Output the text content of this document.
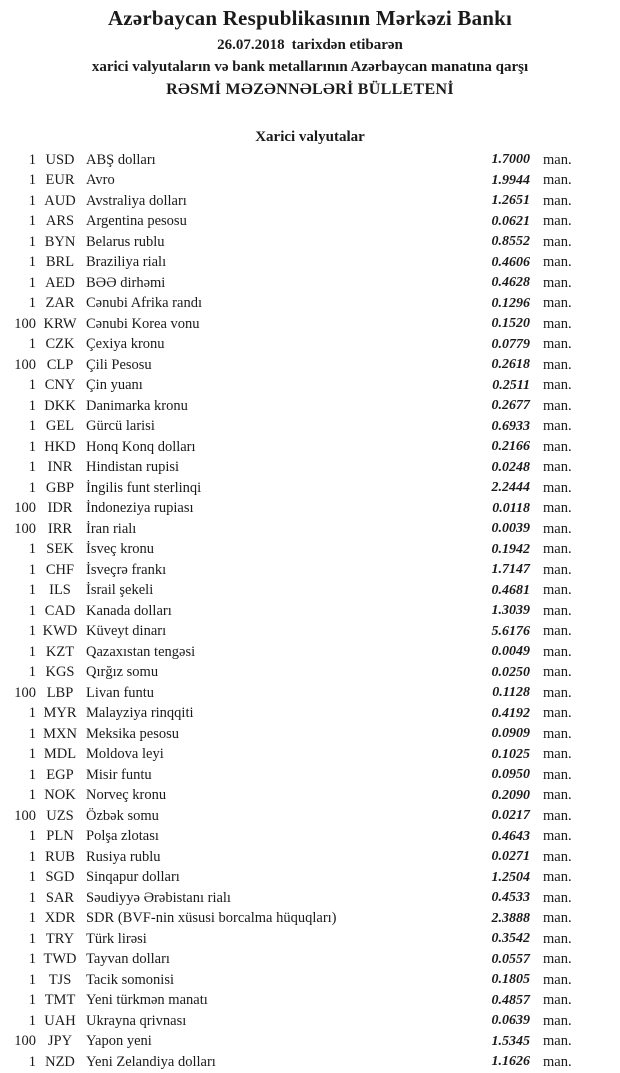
Azərbaycan Respublikasının Mərkəzi Bankı
26.07.2018 tarixdən etibarən
xarici valyutaların və bank metallarının Azərbaycan manatına qarşı
RƏSMİ MƏZƏNNƏLƏRİ BÜLLETENİ
Xarici valyutalar
1 USD ABŞ dolları	1.7000 man.
1 EUR Avro	1.9944 man.
1 AUD Avstraliya dolları	1.2651 man.
1 ARS Argentina pesosu	0.0621 man.
1 BYN Belarus rublu	0.8552 man.
1 BRL Braziliya rialı	0.4606 man.
1 AED BƏƏ dirhəmi	0.4628 man.
1 ZAR Cənubi Afrika randı	0.1296 man.
100 KRW Cənubi Korea vonu	0.1520 man.
1 CZK Çexiya kronu	0.0779 man.
100 CLP Çili Pesosu	0.2618 man.
1 CNY Çin yuanı	0.2511 man.
1 DKK Danimarka kronu	0.2677 man.
1 GEL Gürcü larisi	0.6933 man.
1 HKD Honq Konq dolları	0.2166 man.
1 INR Hindistan rupisi	0.0248 man.
1 GBP İngilis funt sterlinqi	2.2444 man.
100 IDR İndoneziya rupiası	0.0118 man.
100 IRR İran rialı	0.0039 man.
1 SEK İsveç kronu	0.1942 man.
1 CHF İsveçrə frankı	1.7147 man.
1 ILS	İsrail şekeli	0.4681 man.
1 CAD Kanada dolları	1.3039 man.
1 KWD Küveyt dinarı	5.6176 man.
1 KZT Qazaxıstan tengəsi	0.0049 man.
1 KGS Qırğız somu	0.0250 man.
100 LBP Livan funtu	0.1128 man.
1 MYR Malayziya rinqqiti	0.4192 man.
1 MXN Meksika pesosu	0.0909 man.
1 MDL Moldova leyi	0.1025 man.
1 EGP Misir funtu	0.0950 man.
1 NOK Norveç kronu	0.2090 man.
100 UZS Özbək somu	0.0217 man.
1 PLN Polşa zlotası	0.4643 man.
1 RUB Rusiya rublu	0.0271 man.
1 SGD Sinqapur dolları	1.2504 man.
1 SAR Səudiyyə Ərəbistanı rialı	0.4533 man.
1 XDR SDR (BVF-nin xüsusi borcalma hüquqları)	2.3888 man.
1 TRY Türk lirəsi	0.3542 man.
1 TWD Tayvan dolları	0.0557 man.
1 TJS	Tacik somonisi	0.1805 man.
1 TMT Yeni türkmən manatı	0.4857 man.
1 UAH Ukrayna qrivnası	0.0639 man.
100 JPY Yapon yeni	1.5345 man.
1 NZD Yeni Zelandiya dolları	1.1626 man.
